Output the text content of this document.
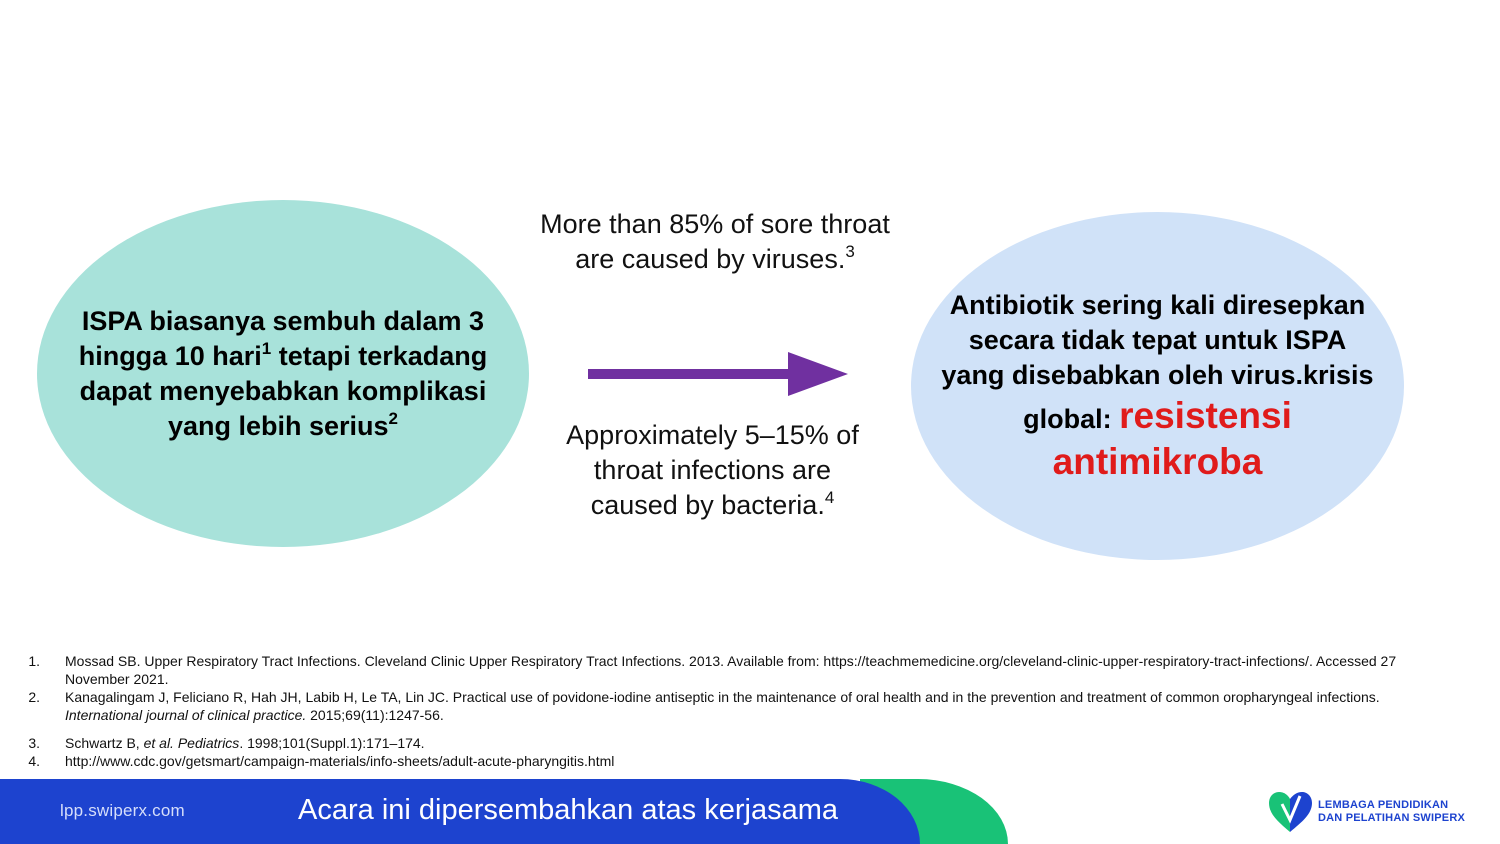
ISPA biasanya sembuh dalam 3 hingga 10 hari$^1$ tetapi terkadang dapat menyebabkan komplikasi yang lebih serius$^2$
More than 85% of sore throat are caused by viruses.$^3$
Approximately 5–15% of throat infections are caused by bacteria.$^4$
Antibiotik sering kali diresepkan secara tidak tepat untuk ISPA yang disebabkan oleh virus.krisis global: resistensi antimikroba
1. Mossad SB. Upper Respiratory Tract Infections. Cleveland Clinic Upper Respiratory Tract Infections. 2013. Available from: https://teachmemedicine.org/cleveland-clinic-upper-respiratory-tract-infections/. Accessed 27 November 2021.
2. Kanagalingam J, Feliciano R, Hah JH, Labib H, Le TA, Lin JC. Practical use of povidone-iodine antiseptic in the maintenance of oral health and in the prevention and treatment of common oropharyngeal infections. International journal of clinical practice. 2015;69(11):1247-56.
3. Schwartz B, et al. Pediatrics. 1998;101(Suppl.1):171–174.
4. http://www.cdc.gov/getsmart/campaign-materials/info-sheets/adult-acute-pharyngitis.html
lpp.swiperx.com	Acara ini dipersembahkan atas kerjasama	LEMBAGA PENDIDIKAN
DAN PELATIHAN SWIPERX
